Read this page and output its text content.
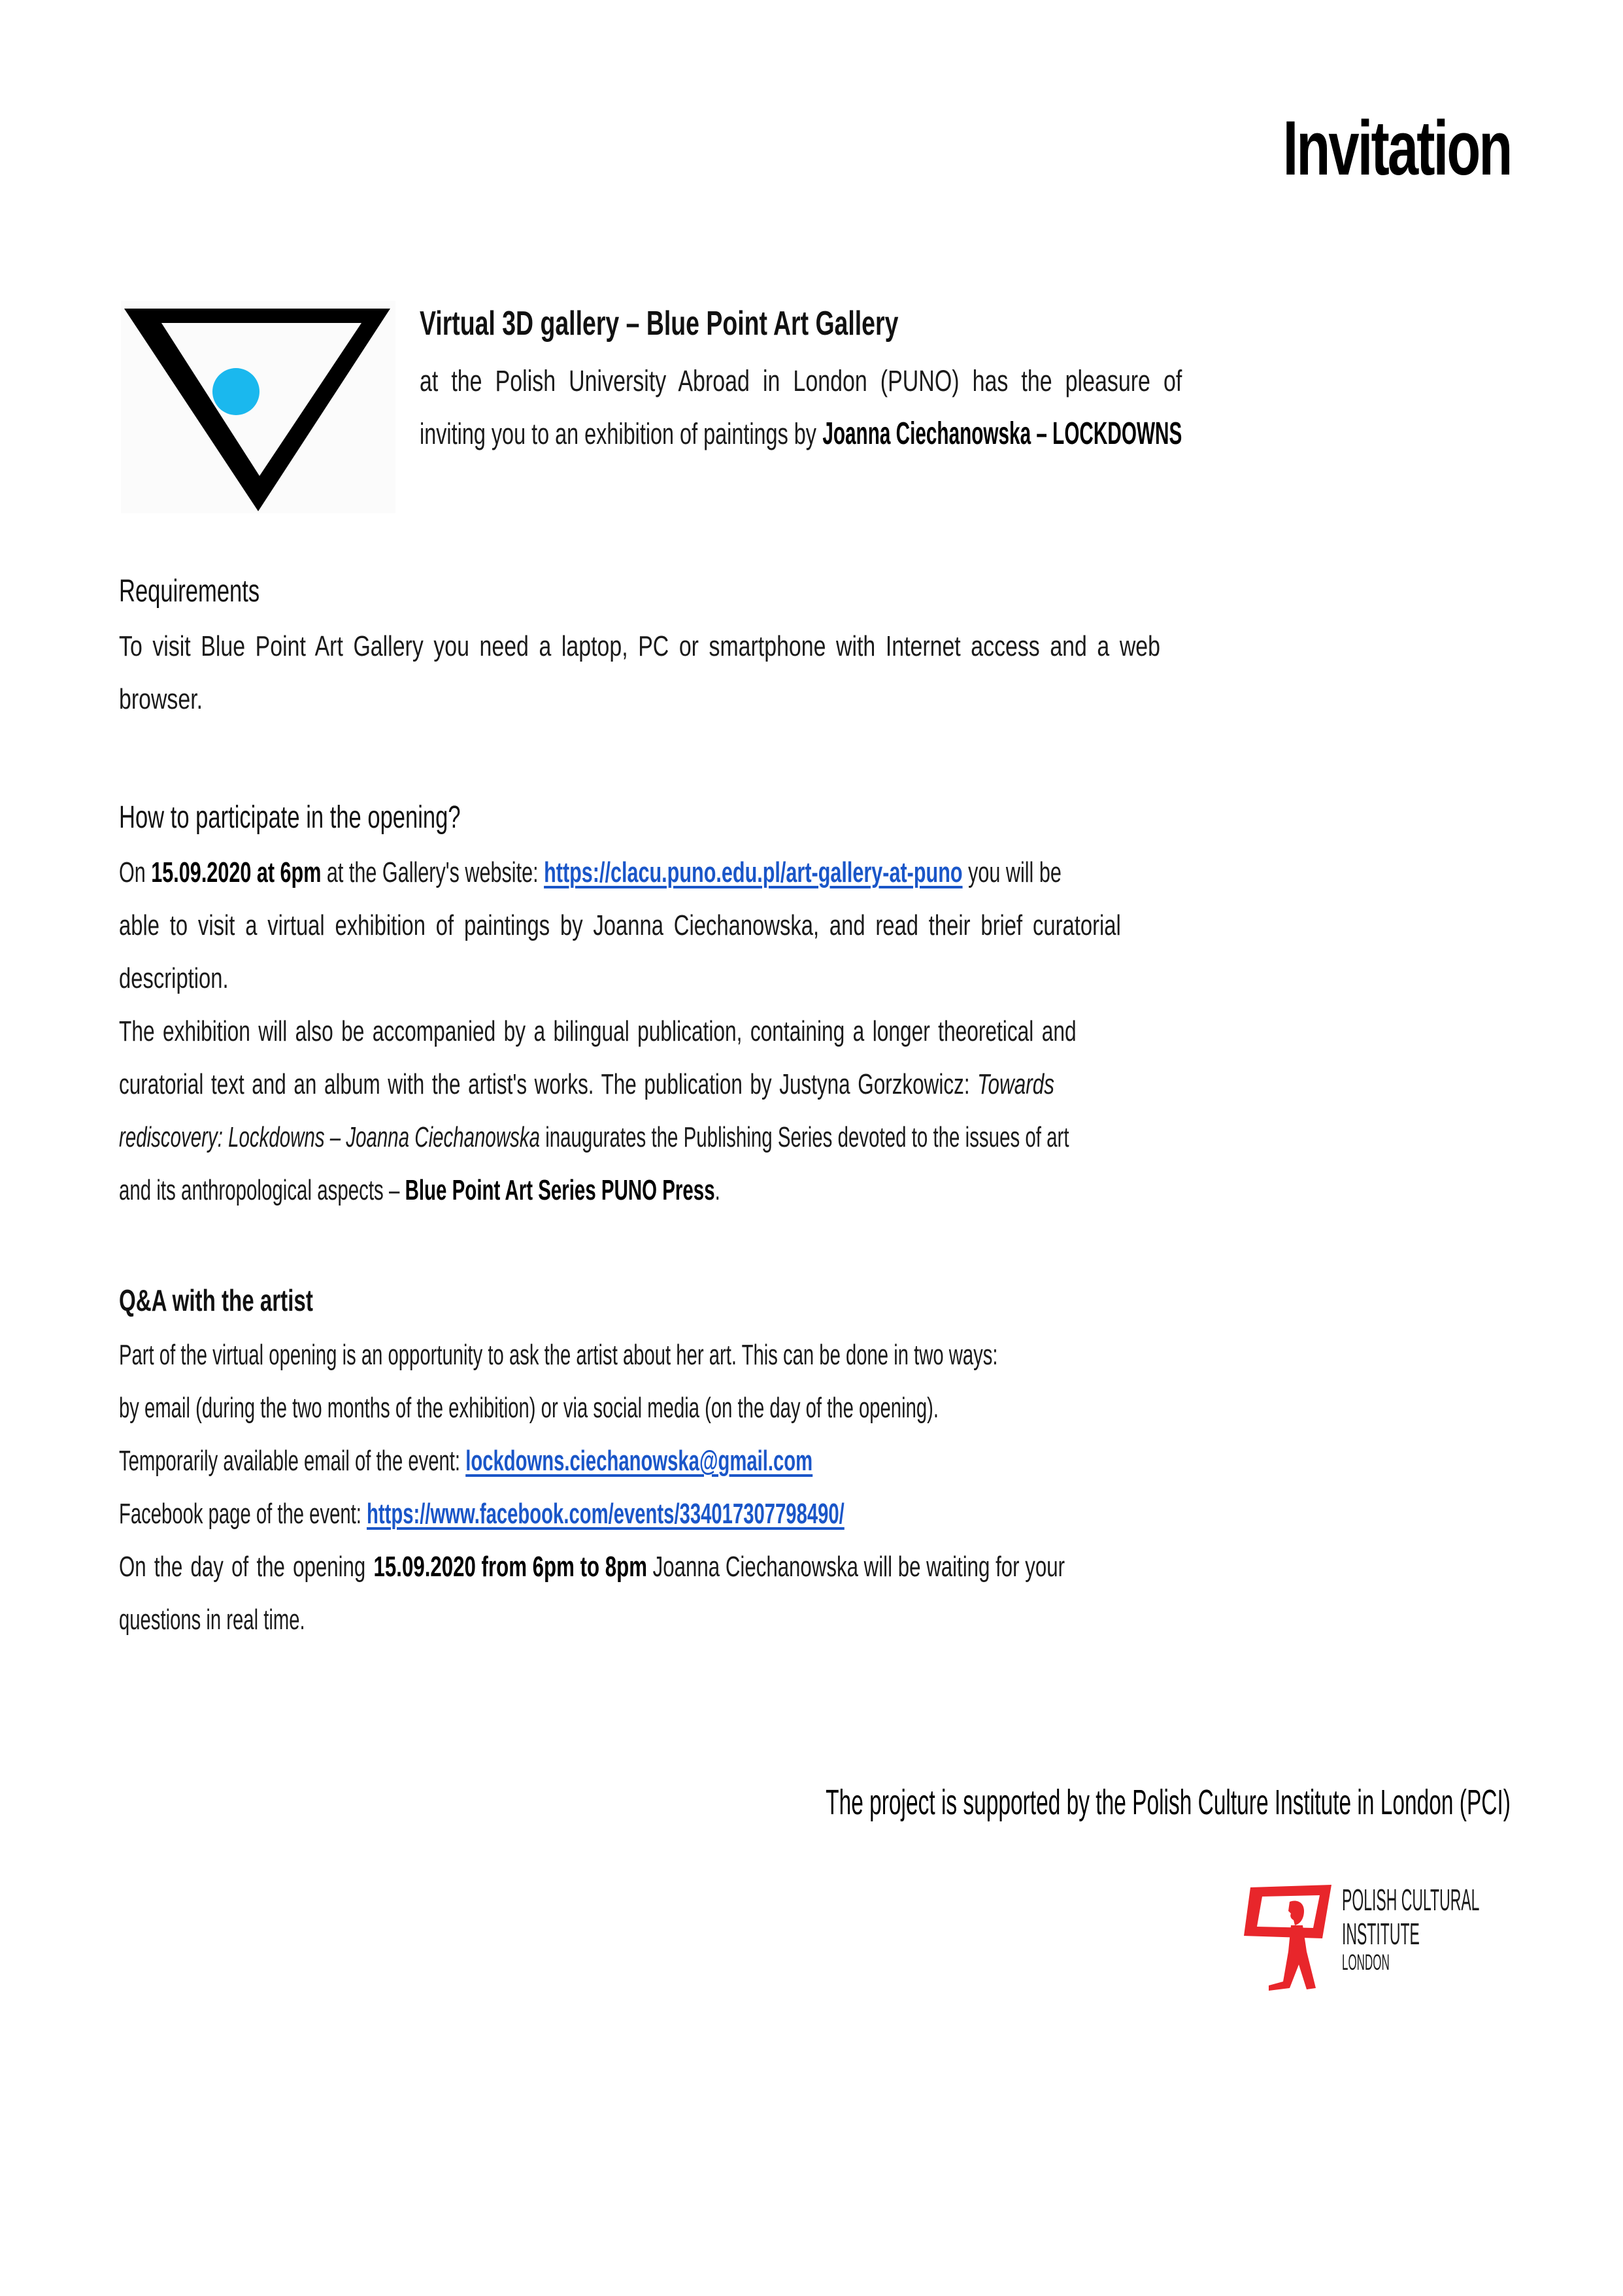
Invitation
Virtual 3D gallery – Blue Point Art Gallery
at the Polish University Abroad in London (PUNO) has the pleasure of
inviting you to an exhibition of paintings by Joanna Ciechanowska – LOCKDOWNS
Requirements
To visit Blue Point Art Gallery you need a laptop, PC or smartphone with Internet access and a web
browser.
How to participate in the opening?
On 15.09.2020 at 6pm at the Gallery's website: https://clacu.puno.edu.pl/art-gallery-at-puno you will be
able to visit a virtual exhibition of paintings by Joanna Ciechanowska, and read their brief curatorial
description.
The exhibition will also be accompanied by a bilingual publication, containing a longer theoretical and
curatorial text and an album with the artist's works. The publication by Justyna Gorzkowicz: Towards
rediscovery: Lockdowns – Joanna Ciechanowska inaugurates the Publishing Series devoted to the issues of art
and its anthropological aspects – Blue Point Art Series PUNO Press.
Q&A with the artist
Part of the virtual opening is an opportunity to ask the artist about her art. This can be done in two ways:
by email (during the two months of the exhibition) or via social media (on the day of the opening).
Temporarily available email of the event: lockdowns.ciechanowska@gmail.com
Facebook page of the event: https://www.facebook.com/events/334017307798490/
On the day of the opening 15.09.2020 from 6pm to 8pm Joanna Ciechanowska will be waiting for your
questions in real time.
The project is supported by the Polish Culture Institute in London (PCI)
POLISH CULTURAL
INSTITUTE
LONDON
